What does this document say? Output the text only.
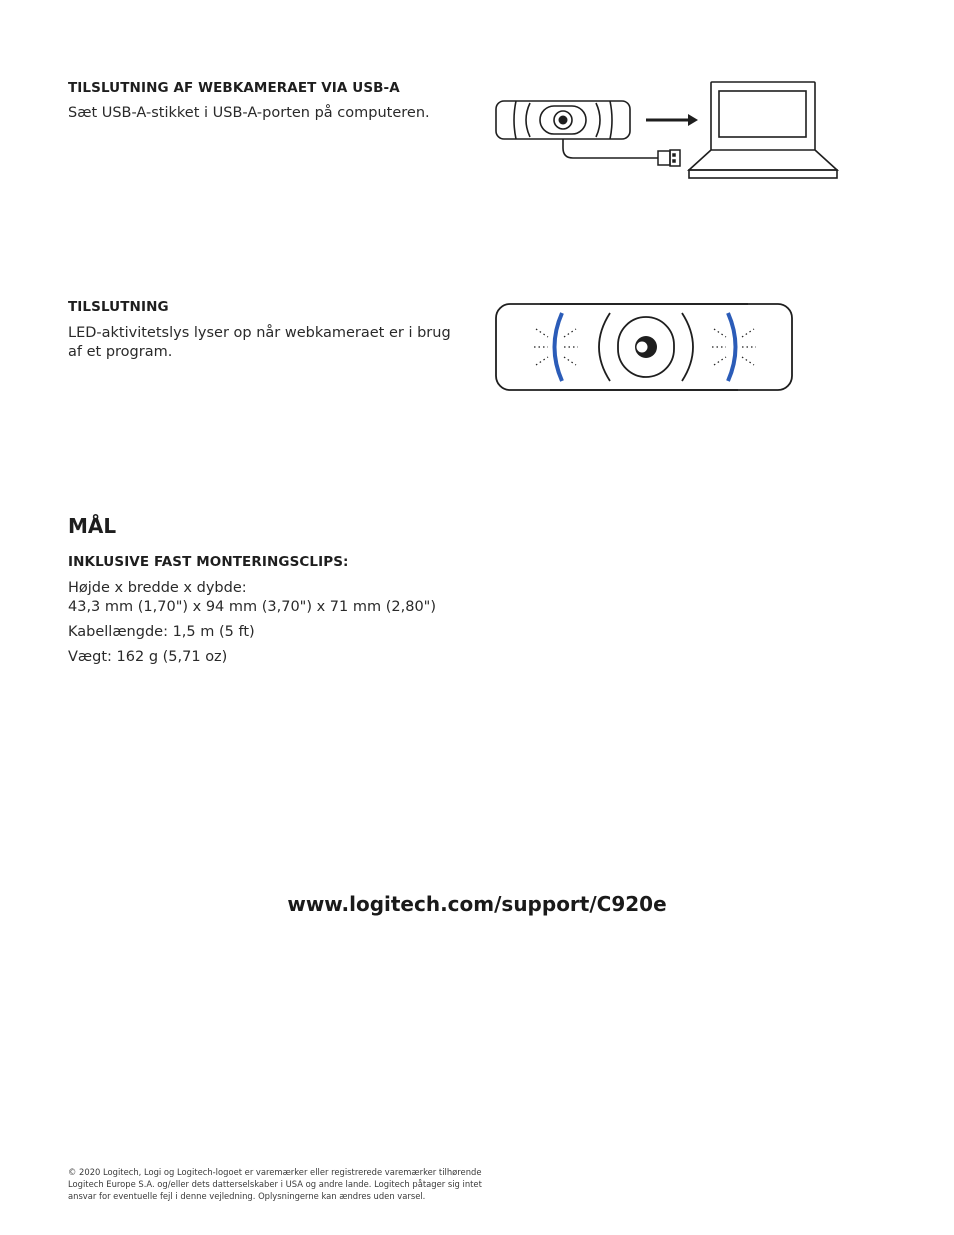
TILSLUTNING AF WEBKAMERAET VIA USB-A
Sæt USB-A-stikket i USB-A-porten på computeren.
TILSLUTNING
LED-aktivitetslys lyser op når webkameraet er i brug
af et program.
MÅL
INKLUSIVE FAST MONTERINGSCLIPS:
Højde x bredde x dybde:
43,3 mm (1,70") x 94 mm (3,70") x 71 mm (2,80")
Kabellængde: 1,5 m (5 ft)
Vægt: 162 g (5,71 oz)
www.logitech.com/support/C920e
© 2020 Logitech, Logi og Logitech-logoet er varemærker eller registrerede varemærker tilhørende
Logitech Europe S.A. og/eller dets datterselskaber i USA og andre lande. Logitech påtager sig intet
ansvar for eventuelle fejl i denne vejledning. Oplysningerne kan ændres uden varsel.
